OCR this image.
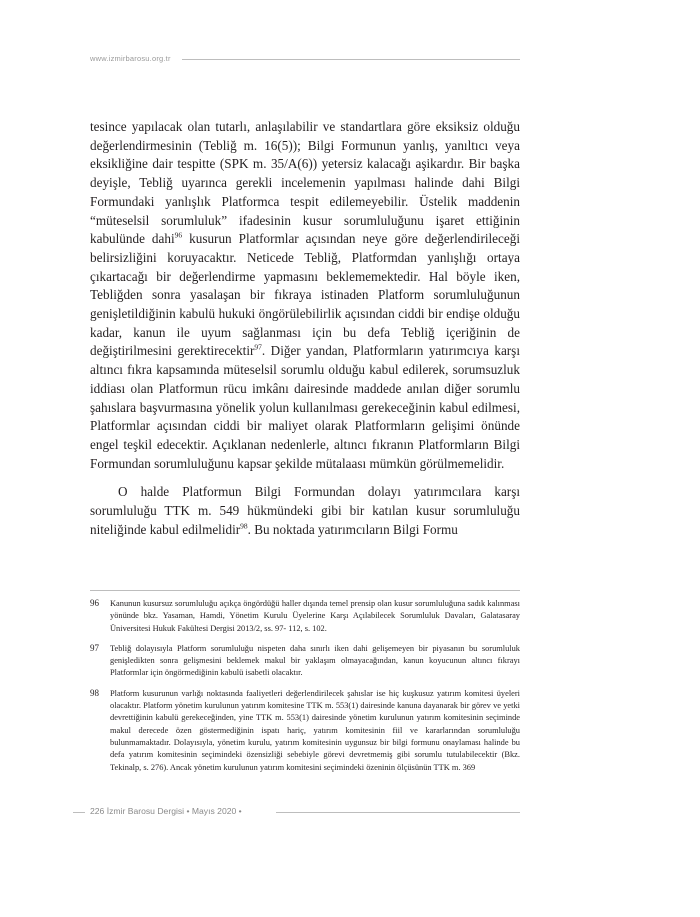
www.izmirbarosu.org.tr

tesince yapılacak olan tutarlı, anlaşılabilir ve standartlara göre eksiksiz olduğu değerlendirmesinin (Tebliğ m. 16(5)); Bilgi Formunun yanlış, yanıltıcı veya eksikliğine dair tespitte (SPK m. 35/A(6)) yetersiz kalacağı aşikardır. Bir başka deyişle, Tebliğ uyarınca gerekli incelemenin yapılması halinde dahi Bilgi Formundaki yanlışlık Platformca tespit edilemeyebilir. Üstelik maddenin “müteselsil sorumluluk” ifadesinin kusur sorumluluğunu işaret ettiğinin kabulünde dahi$^{96}$ kusurun Platformlar açısından neye göre değerlendirileceği belirsizliğini koruyacaktır. Neticede Tebliğ, Platformdan yanlışlığı ortaya çıkartacağı bir değerlendirme yapmasını beklememektedir. Hal böyle iken, Tebliğden sonra yasalaşan bir fıkraya istinaden Platform sorumluluğunun genişletildiğinin kabulü hukuki öngörülebilirlik açısından ciddi bir endişe olduğu kadar, kanun ile uyum sağlanması için bu defa Tebliğ içeriğinin de değiştirilmesini gerektirecektir$^{97}$. Diğer yandan, Platformların yatırımcıya karşı altıncı fıkra kapsamında müteselsil sorumlu olduğu kabul edilerek, sorumsuzluk iddiası olan Platformun rücu imkânı dairesinde maddede anılan diğer sorumlu şahıslara başvurmasına yönelik yolun kullanılması gerekeceğinin kabul edilmesi, Platformlar açısından ciddi bir maliyet olarak Platformların gelişimi önünde engel teşkil edecektir. Açıklanan nedenlerle, altıncı fıkranın Platformların Bilgi Formundan sorumluluğunu kapsar şekilde mütalaası mümkün görülmemelidir.

O halde Platformun Bilgi Formundan dolayı yatırımcılara karşı sorumluluğu TTK m. 549 hükmündeki gibi bir katılan kusur sorumluluğu niteliğinde kabul edilmelidir$^{98}$. Bu noktada yatırımcıların Bilgi Formu

96 Kanunun kusursuz sorumluluğu açıkça öngördüğü haller dışında temel prensip olan kusur sorumluluğuna sadık kalınması yönünde bkz. Yasaman, Hamdi, Yönetim Kurulu Üyelerine Karşı Açılabilecek Sorumluluk Davaları, Galatasaray Üniversitesi Hukuk Fakültesi Dergisi 2013/2, ss. 97- 112, s. 102.
97 Tebliğ dolayısıyla Platform sorumluluğu nispeten daha sınırlı iken dahi gelişemeyen bir piyasanın bu sorumluluk genişledikten sonra gelişmesini beklemek makul bir yaklaşım olmayacağından, kanun koyucunun altıncı fıkrayı Platformlar için öngörmediğinin kabulü isabetli olacaktır.
98 Platform kusurunun varlığı noktasında faaliyetleri değerlendirilecek şahıslar ise hiç kuşkusuz yatırım komitesi üyeleri olacaktır. Platform yönetim kurulunun yatırım komitesine TTK m. 553(1) dairesinde kanuna dayanarak bir görev ve yetki devrettiğinin kabulü gerekeceğinden, yine TTK m. 553(1) dairesinde yönetim kurulunun yatırım komitesinin seçiminde makul derecede özen göstermediğinin ispatı hariç, yatırım komitesinin fiil ve kararlarından sorumluluğu bulunmamaktadır. Dolayısıyla, yönetim kurulu, yatırım komitesinin uygunsuz bir bilgi formunu onaylaması halinde bu defa yatırım komitesinin seçimindeki özensizliği sebebiyle görevi devretmemiş gibi sorumlu tutulabilecektir (Bkz. Tekinalp, s. 276). Ancak yönetim kurulunun yatırım komitesini seçimindeki özeninin ölçüsünün TTK m. 369
226 İzmir Barosu Dergisi • Mayıs 2020 •
